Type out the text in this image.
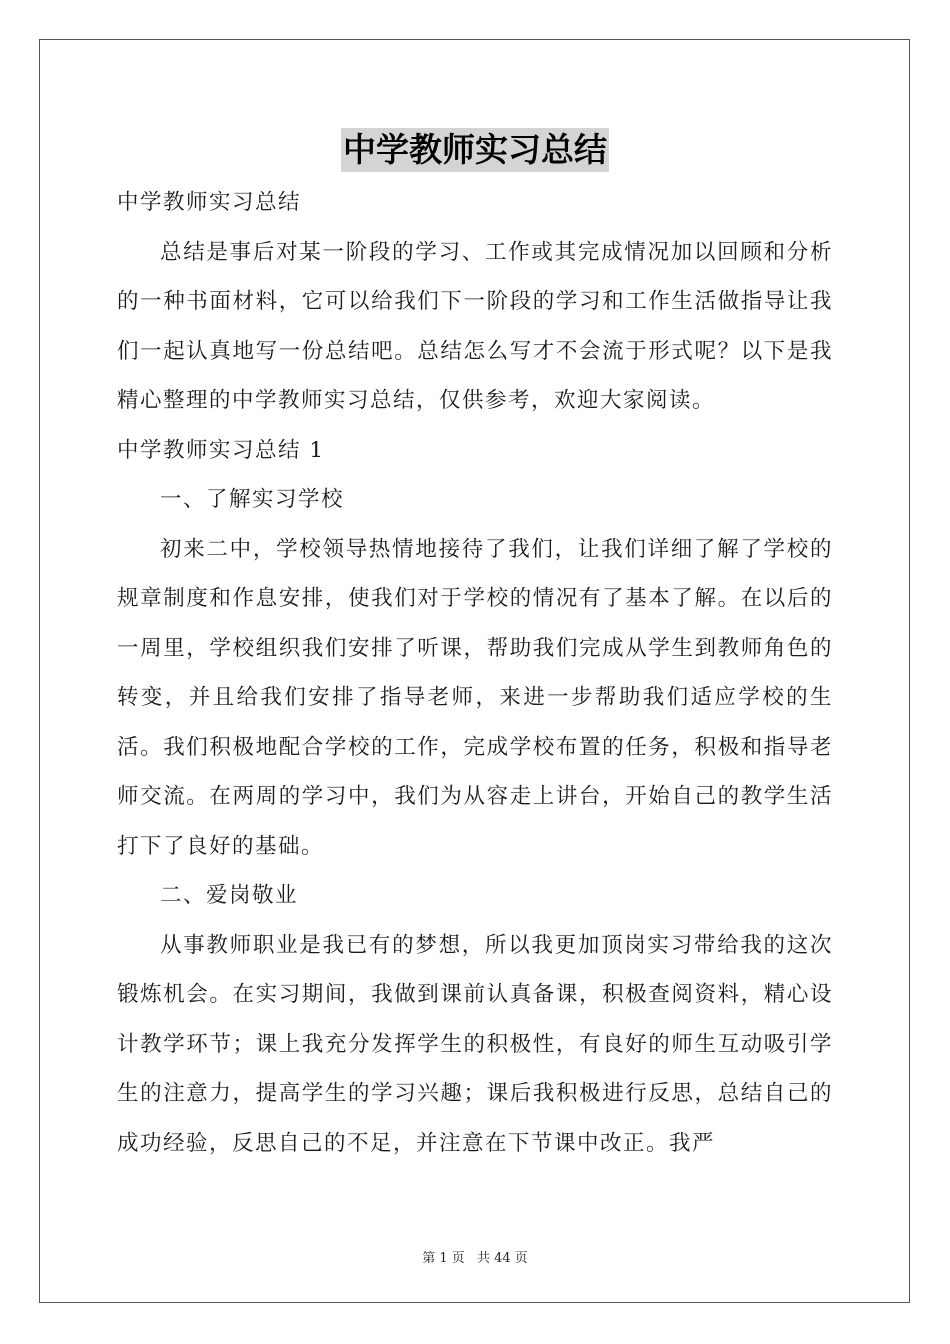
中学教师实习总结

中学教师实习总结

总结是事后对某一阶段的学习、工作或其完成情况加以回顾和分析的一种书面材料，它可以给我们下一阶段的学习和工作生活做指导让我们一起认真地写一份总结吧。总结怎么写才不会流于形式呢？以下是我精心整理的中学教师实习总结，仅供参考，欢迎大家阅读。

中学教师实习总结 1

一、了解实习学校

初来二中，学校领导热情地接待了我们，让我们详细了解了学校的规章制度和作息安排，使我们对于学校的情况有了基本了解。在以后的一周里，学校组织我们安排了听课，帮助我们完成从学生到教师角色的转变，并且给我们安排了指导老师，来进一步帮助我们适应学校的生活。我们积极地配合学校的工作，完成学校布置的任务，积极和指导老师交流。在两周的学习中，我们为从容走上讲台，开始自己的教学生活打下了良好的基础。

二、爱岗敬业

从事教师职业是我已有的梦想，所以我更加顶岗实习带给我的这次锻炼机会。在实习期间，我做到课前认真备课，积极查阅资料，精心设计教学环节；课上我充分发挥学生的积极性，有良好的师生互动吸引学生的注意力，提高学生的学习兴趣；课后我积极进行反思，总结自己的成功经验，反思自己的不足，并注意在下节课中改正。我严

第 1 页 共 44 页
